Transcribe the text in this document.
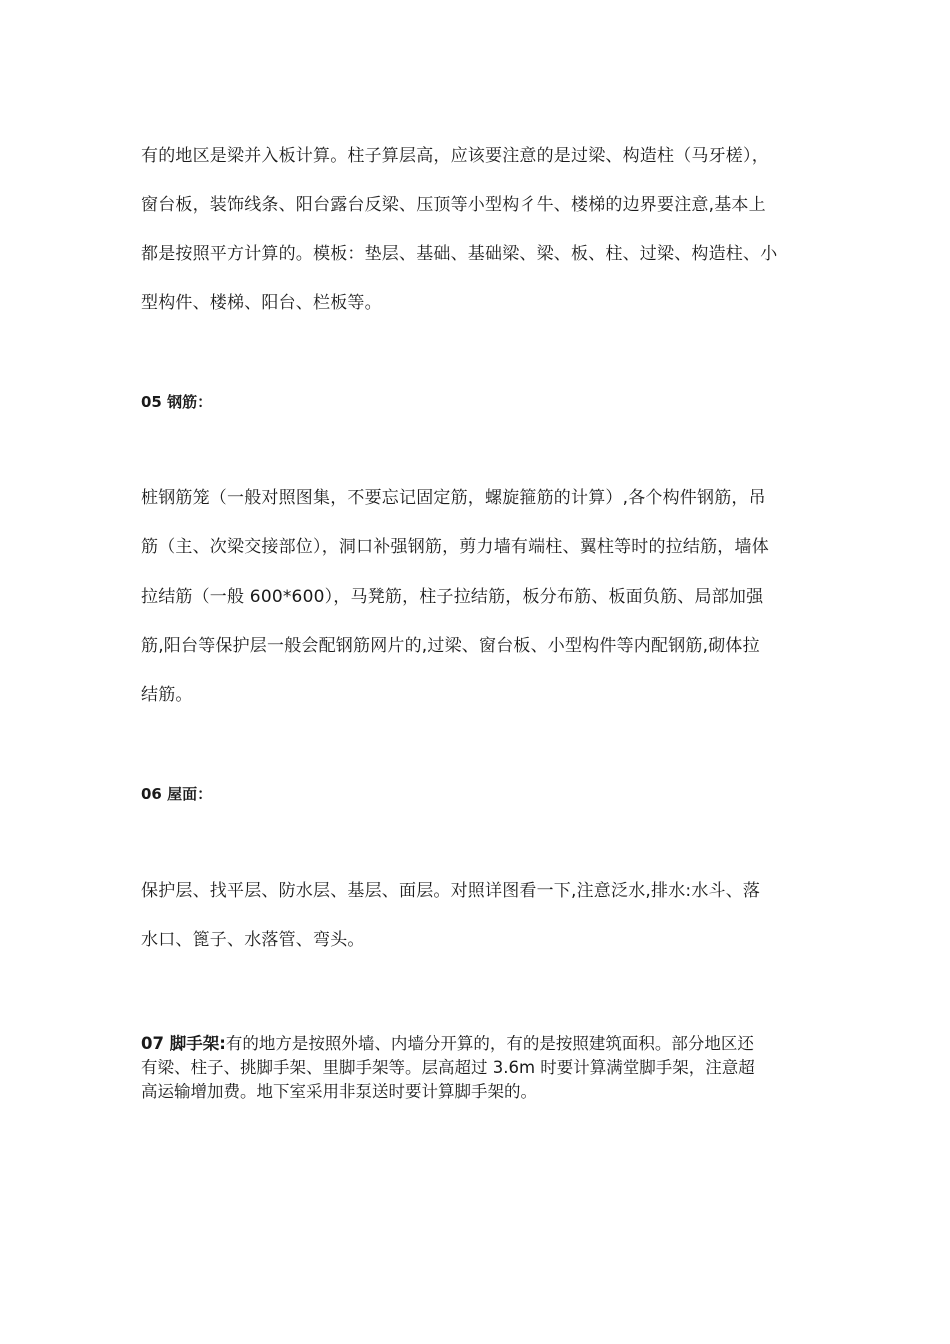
有的地区是梁并入板计算。柱子算层高，应该要注意的是过梁、构造柱（马牙槎），
窗台板，装饰线条、阳台露台反梁、压顶等小型构彳牛、楼梯的边界要注意,基本上
都是按照平方计算的。模板：垫层、基础、基础梁、梁、板、柱、过梁、构造柱、小
型构件、楼梯、阳台、栏板等。
05 钢筋：
桩钢筋笼（一般对照图集，不要忘记固定筋，螺旋箍筋的计算）,各个构件钢筋，吊
筋（主、次梁交接部位），洞口补强钢筋，剪力墙有端柱、翼柱等时的拉结筋，墙体
拉结筋（一般 600*600），马凳筋，柱子拉结筋，板分布筋、板面负筋、局部加强
筋,阳台等保护层一般会配钢筋网片的,过梁、窗台板、小型构件等内配钢筋,砌体拉
结筋。
06 屋面：
保护层、找平层、防水层、基层、面层。对照详图看一下,注意泛水,排水:水斗、落
水口、篦子、水落管、弯头。
07 脚手架:有的地方是按照外墙、内墙分开算的，有的是按照建筑面积。部分地区还
有梁、柱子、挑脚手架、里脚手架等。层高超过 3.6m 时要计算满堂脚手架，注意超
高运输增加费。地下室采用非泵送时要计算脚手架的。
